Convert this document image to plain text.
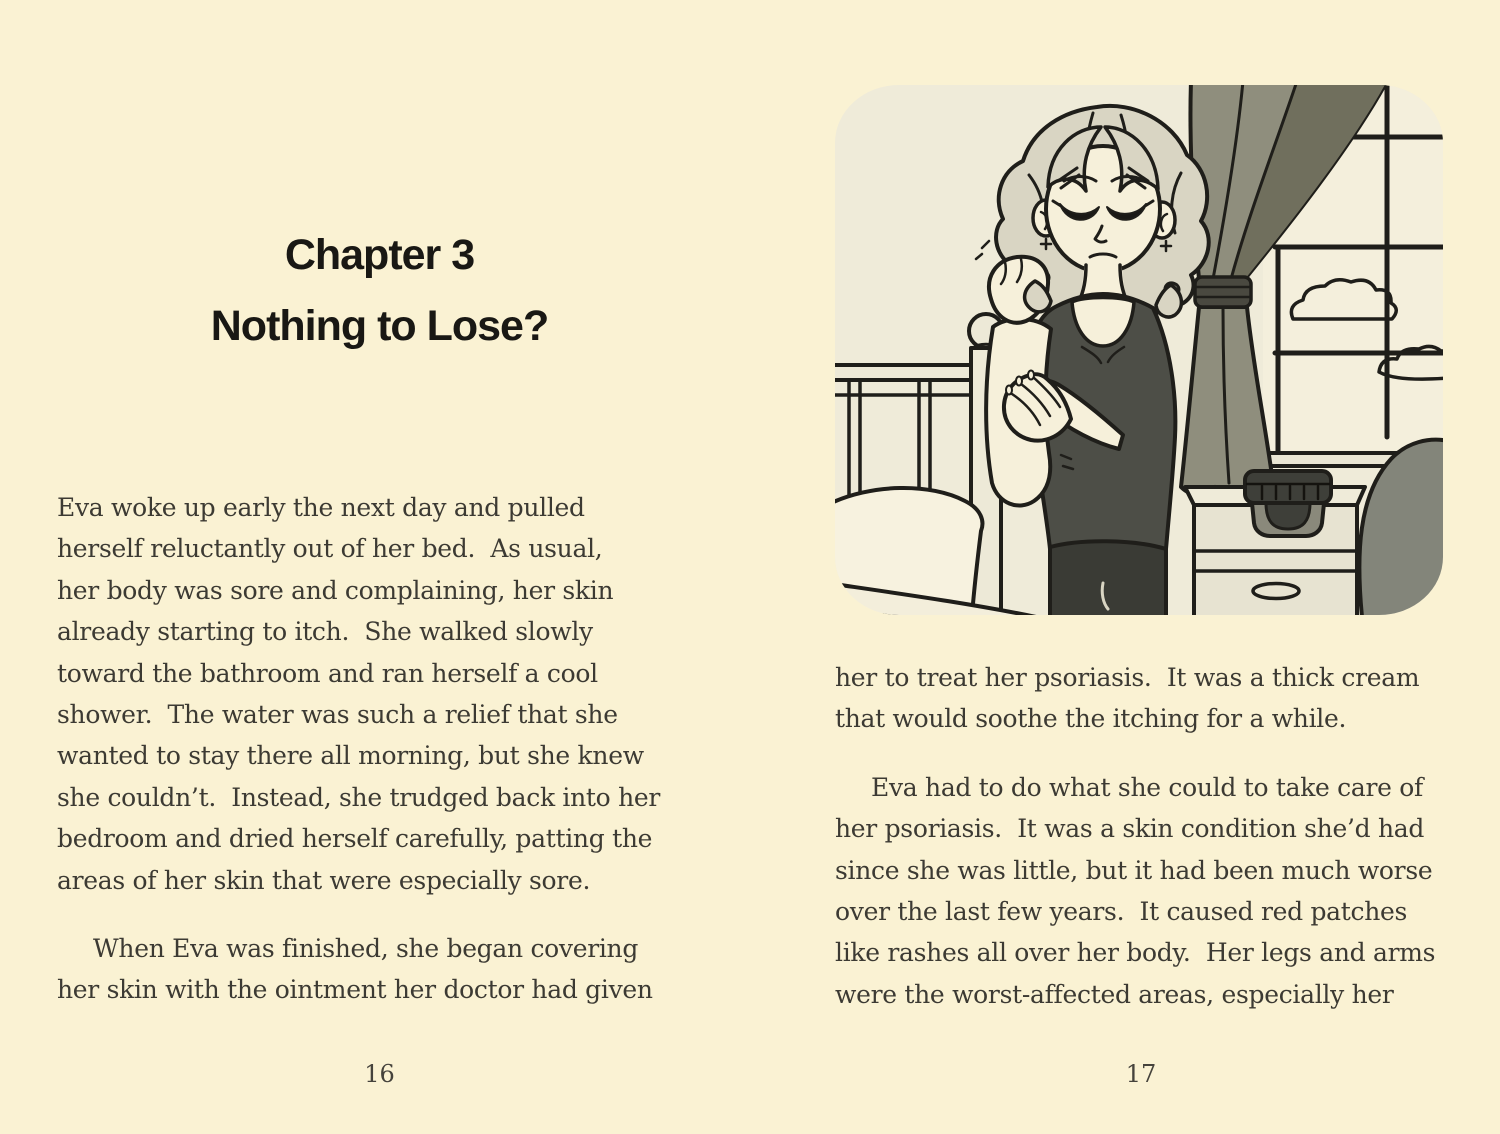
Chapter 3
Nothing to Lose?

Eva woke up early the next day and pulled
herself reluctantly out of her bed.  As usual,
her body was sore and complaining, her skin
already starting to itch.  She walked slowly
toward the bathroom and ran herself a cool
shower.  The water was such a relief that she
wanted to stay there all morning, but she knew
she couldn’t.  Instead, she trudged back into her
bedroom and dried herself carefully, patting the
areas of her skin that were especially sore.

When Eva was finished, she began covering
her skin with the ointment her doctor had given

16

her to treat her psoriasis.  It was a thick cream
that would soothe the itching for a while.

Eva had to do what she could to take care of
her psoriasis.  It was a skin condition she’d had
since she was little, but it had been much worse
over the last few years.  It caused red patches
like rashes all over her body.  Her legs and arms
were the worst-affected areas, especially her

17
